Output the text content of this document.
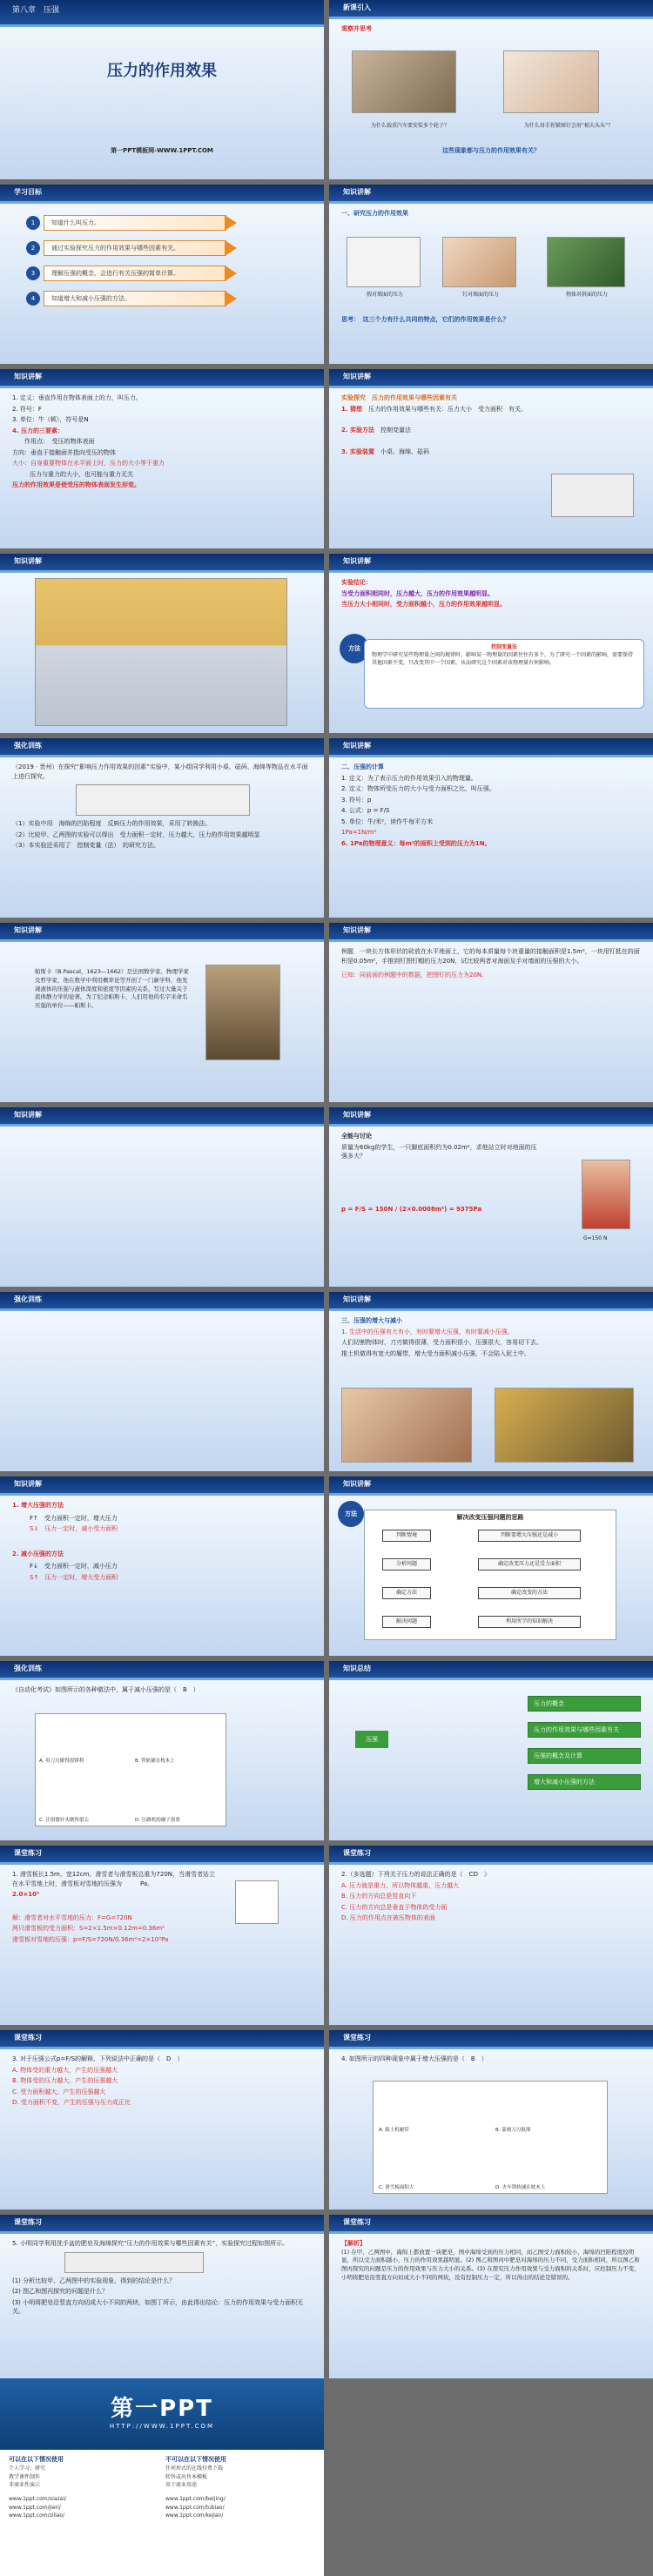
第八章　压强
压力的作用效果
第一PPT模板网-WWW.1PPT.COM
新课引入
观察并思考
为什么载重汽车要安装多个轮子？	为什么用手捏紧图钉会用“相大头头”？
这些现象都与压力的作用效果有关？
学习目标
1	知道什么叫压力。
2	通过实验探究压力的作用效果与哪些因素有关。
3	理解压强的概念，会进行有关压强的简单计算。
4	知道增大和减小压强的方法。
知识讲解
一、研究压力的作用效果
假对墙面的压力	钉对墙面的压力	物体对斜面的压力
思考：　这三个力有什么共同的特点，它们的作用效果是什么？
知识讲解
1. 定义：垂直作用在物体表面上的力，叫压力。
2. 符号：F
3. 单位：牛（顿），符号是N
4. 压力的三要素：
作用点：　受压的物体表面
方向：垂直于接触面并指向受压的物体
大小：自身重要物体在水平面上时，压力的大小等于重力
压力与重力的大小，也可能与重力无关
压力的作用效果是使受压的物体表面发生形变。
知识讲解
实验探究　压力的作用效果与哪些因素有关
1. 猜想　 压力的作用效果与哪些有关：压力大小　受力面积　有关。
2. 实验方法　 控制变量法
3. 实验装置　 小桌、海绵、砝码
知识讲解	知识讲解
实验结论：
当受力面积相同时，压力越大，压力的作用效果越明显。
当压力大小相同时，受力面积越小，压力的作用效果越明显。
方法	控制变量法
物理学中研究某些物理量之间的规律时，影响某一物理量的因素往往有多个，为了研究一个因素的影响，需要保持其他因素不变，只改变其中一个因素，从而研究这个因素对该物理量有何影响。
强化训练
（2019 · 贵州）在探究“影响压力作用效果的因素”实验中，某小组同学利用小桌、砝码、海绵等物品在水平面上进行探究。
（1）实验中用　海绵的凹陷程度　反映压力的作用效果，采用了转换法。
（2）比较甲、乙两图的实验可以得出　受力面积一定时，压力越大，压力的作用效果越明显
（3）本实验还采用了　控制变量（法）　的研究方法。
知识讲解
二、压强的计算
1. 定义：为了表示压力的作用效果引入的物理量。
2. 定义：物体所受压力的大小与受力面积之比，叫压强。
3. 符号：p
4. 公式：p = F/S
5. 单位：牛/米²，读作牛每平方米
1Pa=1N/m²
6. 1Pa的物理意义：每m²的面积上受到的压力为1N。
知识讲解
帕斯卡（B.Pascal，1623—1662）是法国数学家、物理学家及哲学家，他在数学中利用概率论等开创了一门新学科，他发现液体的压强与液体深度和密度等因素的关系，写过大量关于流体静力学的论著。为了纪念帕斯卡，人们用他的名字来命名压强的单位——帕斯卡。
知识讲解
例题　一块长方体形状的砖放在水平地面上，它的每本质量每个块重量的接触面积是1.5m²，一块用钉抵在的面积是0.05m²，手推到钉图钉帽的压力20N，试比较两者对海面及手对墙面的压强的大小。
已知：同前面的例题中的数据，把图钉的压力为20N。
知识讲解	知识讲解
全能与讨论
质量为60kg的学生，一只脚底面积约为0.02m²，求他站立时对地面的压强多大？
p = F/S = 150N / (2×0.0008m²) = 9375Pa
G=150 N
强化训练	知识讲解
三、压强的增大与减小
1. 生活中的压强有大有小，有时要增大压强，有时要减小压强。
人们切割物体时，刀刃做得很薄，受力面积很小，压强很大，容易切下去。
推土机做得有宽大的履带，增大受力面积减小压强，不会陷入泥土中。
知识讲解
1. 增大压强的方法
F↑　受力面积一定时，增大压力
S↓　压力一定时，减小受力面积
2. 减小压强的方法
F↓　受力面积一定时，减小压力
S↑　压力一定时，增大受力面积
知识讲解
方法	解决改变压强问题的思路
判断情境
分析问题
确定方法
解决问题
判断要增大压强还是减小
确定改变压力还是受力面积
确定改变的方法
利用所学的知识解决
强化训练
《自动化考试》如图所示的各种做法中，属于减小压强的是（　B　）
A. 用刀刃做得很锋利	B. 铁轨铺在枕木上
C. 注射器针头做得很尖	D. 压路机的碾子很重
知识总结
压强
压力的概念
压力的作用效果与哪些因素有关
压强的概念及计算
增大和减小压强的方法
课堂练习
1. 滑雪板长1.5m，宽12cm。滑雪者与滑雪板总重为720N，当滑雪者站立在水平雪地上时，滑雪板对雪地的压强为　　　Pa。
2.0×10³
解：滑雪者对水平雪地的压力：F=G=720N
两只滑雪板的受力面积：S=2×1.5m×0.12m=0.36m²
滑雪板对雪地的压强：p=F/S=720N/0.36m²=2×10³Pa
课堂练习
2.（多选题）下列关于压力的说法正确的是（　CD　）
A. 压力就是重力，所以物体越重，压力越大
B. 压力的方向总是竖直向下
C. 压力的方向总是垂直于物体的受力面
D. 压力的作用点在被压物体的表面
课堂练习
3. 对于压强公式p=F/S的解释，下列说法中正确的是（　D　）
A. 物体受的重力越大，产生的压强越大
B. 物体受的压力越大，产生的压强越大
C. 受力面积越大，产生的压强越大
D. 受力面积不变，产生的压强与压力成正比
课堂练习
4. 如图所示的四种现象中属于增大压强的是（　B　）
A. 载土机履带	B. 篆刻刀刃很薄
C. 滑雪板面积大	D. 火车铁轨铺在枕木上
课堂练习
5. 小明同学利用洗手盆的肥皂及海绵探究“压力的作用效果与哪些因素有关”，实验探究过程如图所示。
(1) 分析比较甲、乙两图中的实验现象，得到的结论是什么？
(2) 图乙和图丙探究的问题是什么？
(3) 小明将肥皂沿竖直方向切成大小不同的两块，如图丁所示，由此得出结论：压力的作用效果与受力面积无关。
课堂练习
【解析】
(1) 在甲、乙两图中，海绵上都放置一块肥皂，图中海绵受到的压力相同，而乙图受力面积较小，海绵的凹陷程度较明显，所以受力面积越小，压力的作用效果越明显。(2) 图乙和图丙中肥皂对海绵的压力不同，受力面积相同，所以图乙和图丙探究的问题是压力的作用效果与压力大小的关系。(3) 在探究压力作用效果与受力面积的关系时，应控制压力不变，小明将肥皂沿竖直方向切成大小不同的两块，没有控制压力一定，所以得出的结论是错误的。
第一PPT
HTTP://WWW.1PPT.COM
可以在以下情况使用
个人学习、研究
教学课件制作
非商业性演示
www.1ppt.com/xiazai/
www.1ppt.com/jieri/
www.1ppt.com/ziliao/
不可以在以下情况使用
任何形式的在线付费下载
转售或出售本模板
用于商业用途
www.1ppt.com/beijing/
www.1ppt.com/tubiao/
www.1ppt.com/kejian/
